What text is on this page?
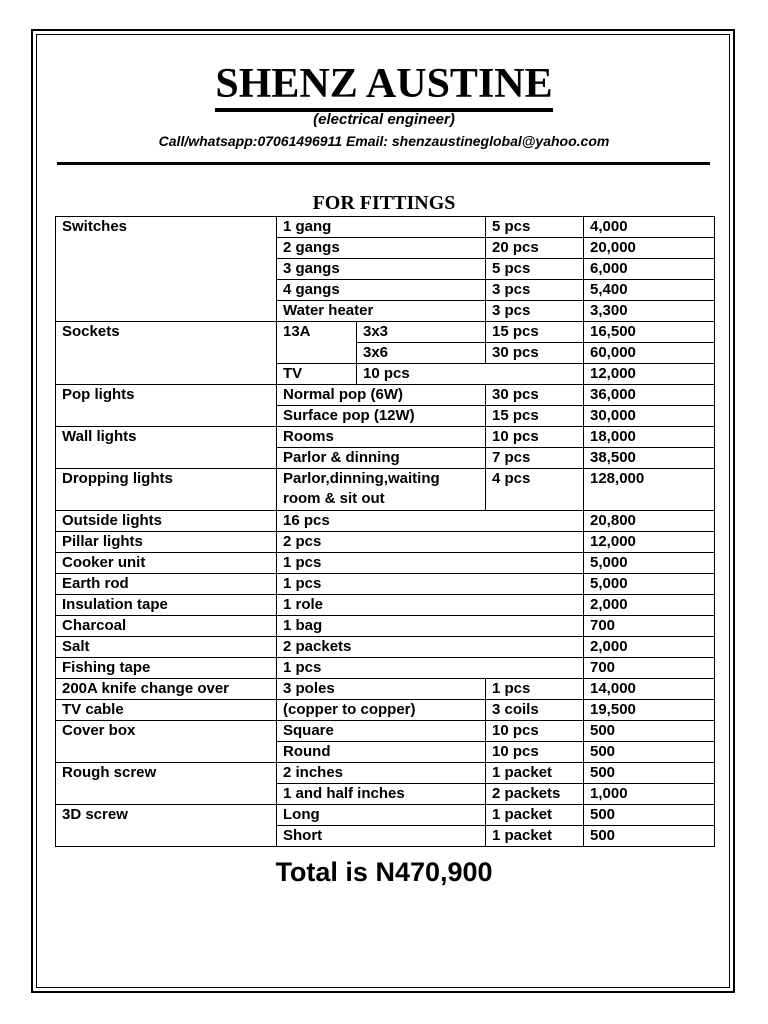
SHENZ AUSTINE
(electrical engineer)
Call/whatsapp:07061496911 Email: shenzaustineglobal@yahoo.com
FOR FITTINGS
Switches	1 gang		5 pcs	4,000
	2 gangs		20 pcs	20,000
	3 gangs		5 pcs	6,000
	4 gangs		3 pcs	5,400
	Water heater		3 pcs	3,300
Sockets	13A	3x3	15 pcs	16,500
		3x6	30 pcs	60,000
	TV	10 pcs		12,000
Pop lights	Normal pop (6W)		30 pcs	36,000
	Surface pop (12W)		15 pcs	30,000
Wall lights	Rooms		10 pcs	18,000
	Parlor & dinning		7 pcs	38,500
Dropping lights	Parlor,dinning,waiting room & sit out		4 pcs	128,000
Outside lights	16 pcs			20,800
Pillar lights	2 pcs			12,000
Cooker unit	1 pcs			5,000
Earth rod	1 pcs			5,000
Insulation tape	1 role			2,000
Charcoal	1 bag			700
Salt	2 packets			2,000
Fishing tape	1 pcs			700
200A knife change over	3 poles		1 pcs	14,000
TV cable	(copper to copper)		3 coils	19,500
Cover box	Square		10 pcs	500
	Round		10 pcs	500
Rough screw	2 inches		1 packet	500
	1 and half inches		2 packets	1,000
3D screw	Long		1 packet	500
	Short		1 packet	500
Total is N470,900
